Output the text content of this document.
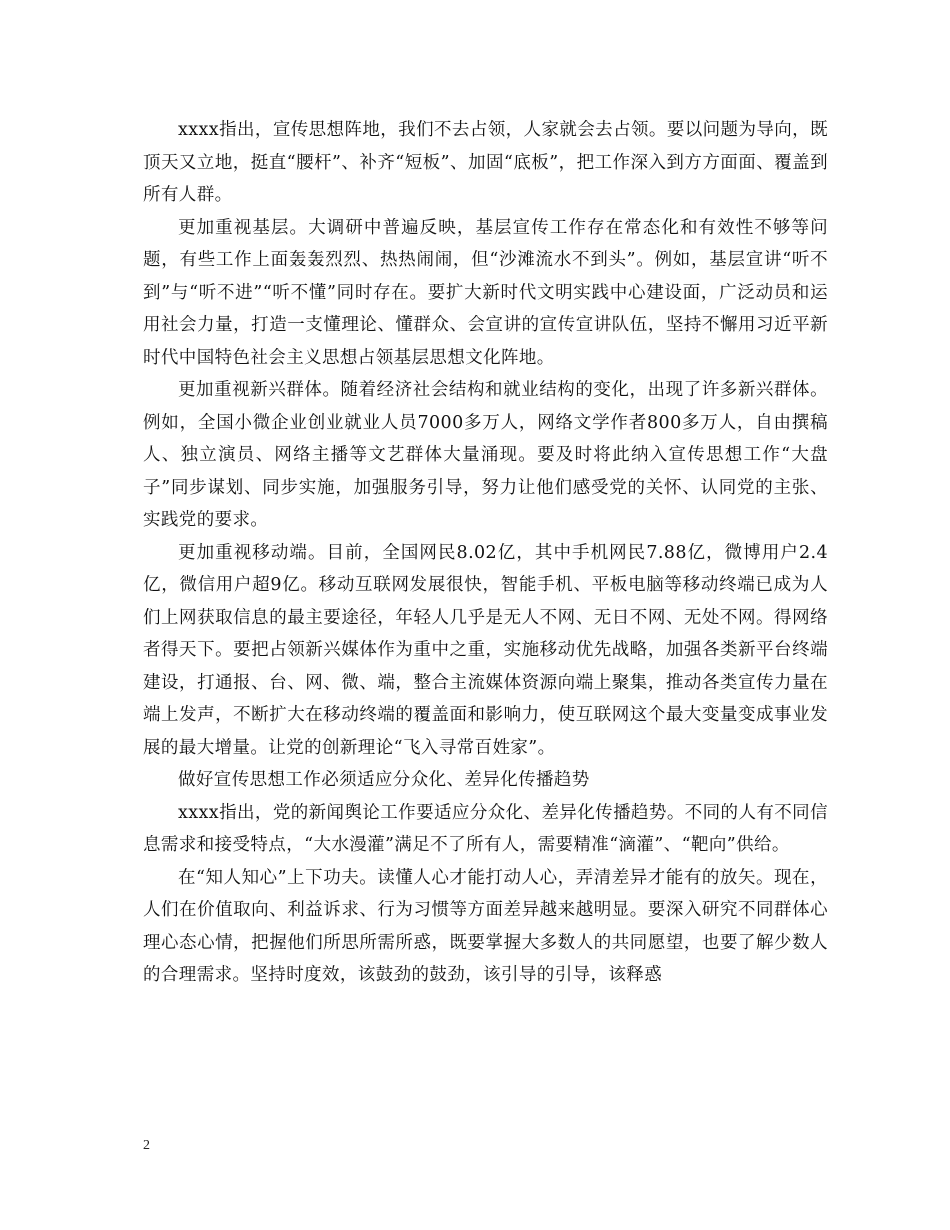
xxxx指出，宣传思想阵地，我们不去占领，人家就会去占领。要以问题为导向，既顶天又立地，挺直“腰杆”、补齐“短板”、加固“底板”，把工作深入到方方面面、覆盖到所有人群。

更加重视基层。大调研中普遍反映，基层宣传工作存在常态化和有效性不够等问题，有些工作上面轰轰烈烈、热热闹闹，但“沙滩流水不到头”。例如，基层宣讲“听不到”与“听不进”“听不懂”同时存在。要扩大新时代文明实践中心建设面，广泛动员和运用社会力量，打造一支懂理论、懂群众、会宣讲的宣传宣讲队伍，坚持不懈用习近平新时代中国特色社会主义思想占领基层思想文化阵地。

更加重视新兴群体。随着经济社会结构和就业结构的变化，出现了许多新兴群体。例如，全国小微企业创业就业人员7000多万人，网络文学作者800多万人，自由撰稿人、独立演员、网络主播等文艺群体大量涌现。要及时将此纳入宣传思想工作“大盘子”同步谋划、同步实施，加强服务引导，努力让他们感受党的关怀、认同党的主张、实践党的要求。

更加重视移动端。目前，全国网民8.02亿，其中手机网民7.88亿，微博用户2.4亿，微信用户超9亿。移动互联网发展很快，智能手机、平板电脑等移动终端已成为人们上网获取信息的最主要途径，年轻人几乎是无人不网、无日不网、无处不网。得网络者得天下。要把占领新兴媒体作为重中之重，实施移动优先战略，加强各类新平台终端建设，打通报、台、网、微、端，整合主流媒体资源向端上聚集，推动各类宣传力量在端上发声，不断扩大在移动终端的覆盖面和影响力，使互联网这个最大变量变成事业发展的最大增量。让党的创新理论“飞入寻常百姓家”。

做好宣传思想工作必须适应分众化、差异化传播趋势

xxxx指出，党的新闻舆论工作要适应分众化、差异化传播趋势。不同的人有不同信息需求和接受特点，“大水漫灌”满足不了所有人，需要精准“滴灌”、“靶向”供给。

在“知人知心”上下功夫。读懂人心才能打动人心，弄清差异才能有的放矢。现在，人们在价值取向、利益诉求、行为习惯等方面差异越来越明显。要深入研究不同群体心理心态心情，把握他们所思所需所惑，既要掌握大多数人的共同愿望，也要了解少数人的合理需求。坚持时度效，该鼓劲的鼓劲，该引导的引导，该释惑

2
